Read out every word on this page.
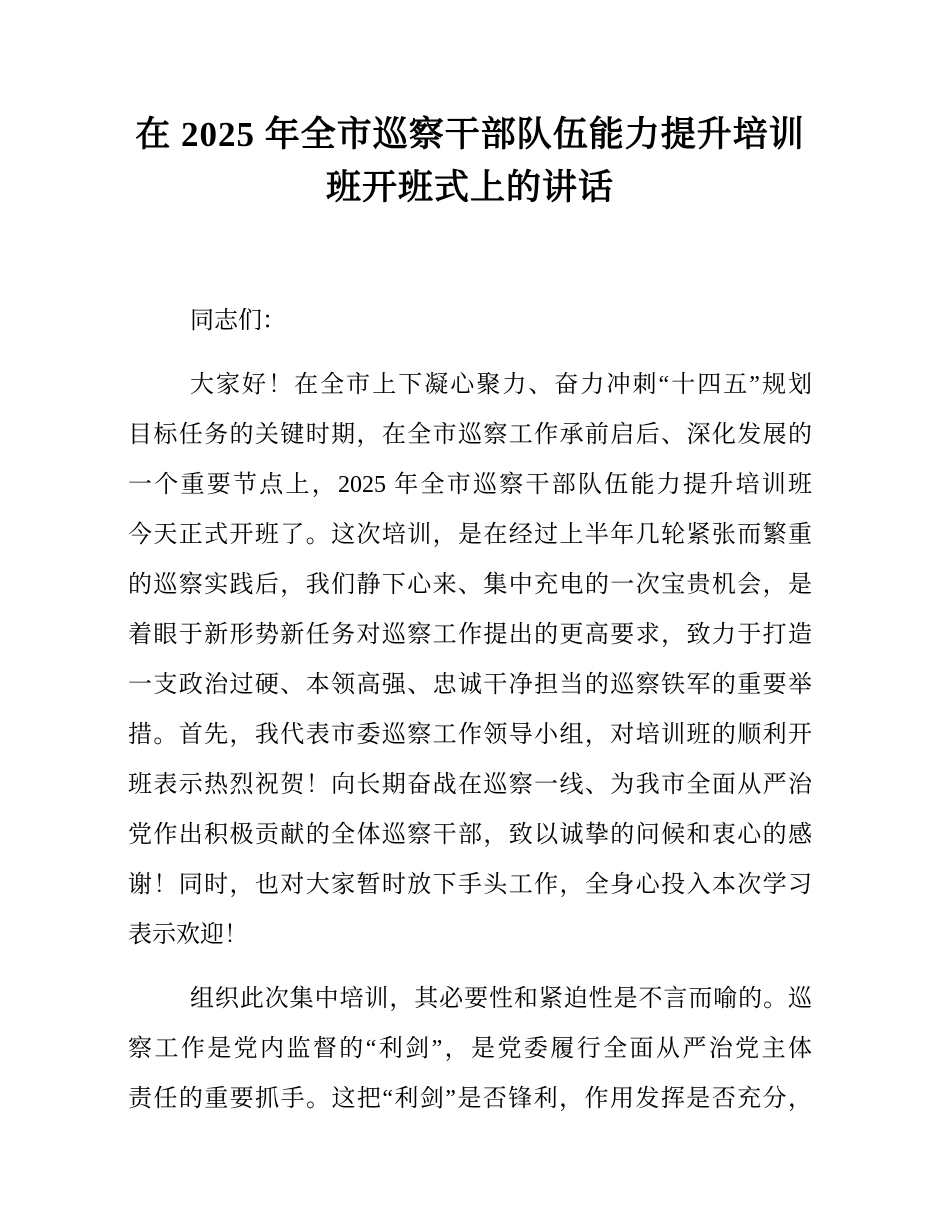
在 2025 年全市巡察干部队伍能力提升培训
班开班式上的讲话

同志们：

大家好！在全市上下凝心聚力、奋力冲刺“十四五”规划
目标任务的关键时期，在全市巡察工作承前启后、深化发展的
一个重要节点上，2025 年全市巡察干部队伍能力提升培训班
今天正式开班了。这次培训，是在经过上半年几轮紧张而繁重
的巡察实践后，我们静下心来、集中充电的一次宝贵机会，是
着眼于新形势新任务对巡察工作提出的更高要求，致力于打造
一支政治过硬、本领高强、忠诚干净担当的巡察铁军的重要举
措。首先，我代表市委巡察工作领导小组，对培训班的顺利开
班表示热烈祝贺！向长期奋战在巡察一线、为我市全面从严治
党作出积极贡献的全体巡察干部，致以诚挚的问候和衷心的感
谢！同时，也对大家暂时放下手头工作，全身心投入本次学习
表示欢迎！
组织此次集中培训，其必要性和紧迫性是不言而喻的。巡
察工作是党内监督的“利剑”，是党委履行全面从严治党主体
责任的重要抓手。这把“利剑”是否锋利，作用发挥是否充分，
